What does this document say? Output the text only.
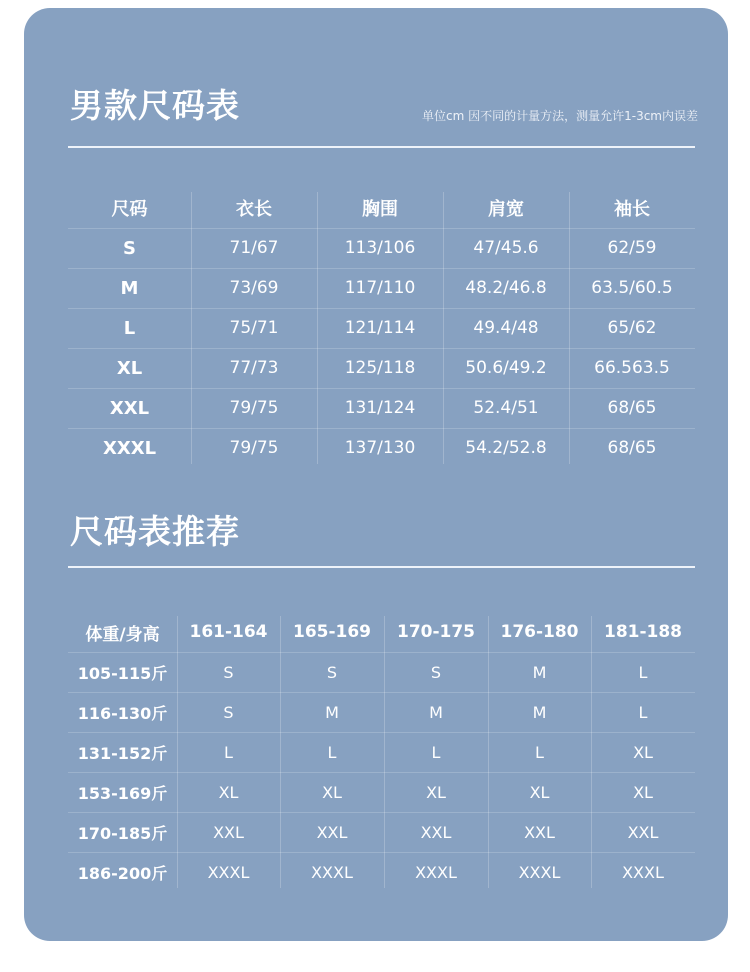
男款尺码表	单位cm 因不同的计量方法，测量允许1-3cm内误差
尺码	衣长	胸围	肩宽	袖长
S	71/67	113/106	47/45.6	62/59
M	73/69	117/110	48.2/46.8	63.5/60.5
L	75/71	121/114	49.4/48	65/62
XL	77/73	125/118	50.6/49.2	66.563.5
XXL	79/75	131/124	52.4/51	68/65
XXXL	79/75	137/130	54.2/52.8	68/65
尺码表推荐
体重/身高	161-164	165-169	170-175	176-180	181-188
105-115斤	S	S	S	M	L
116-130斤	S	M	M	M	L
131-152斤	L	L	L	L	XL
153-169斤	XL	XL	XL	XL	XL
170-185斤	XXL	XXL	XXL	XXL	XXL
186-200斤	XXXL	XXXL	XXXL	XXXL	XXXL
